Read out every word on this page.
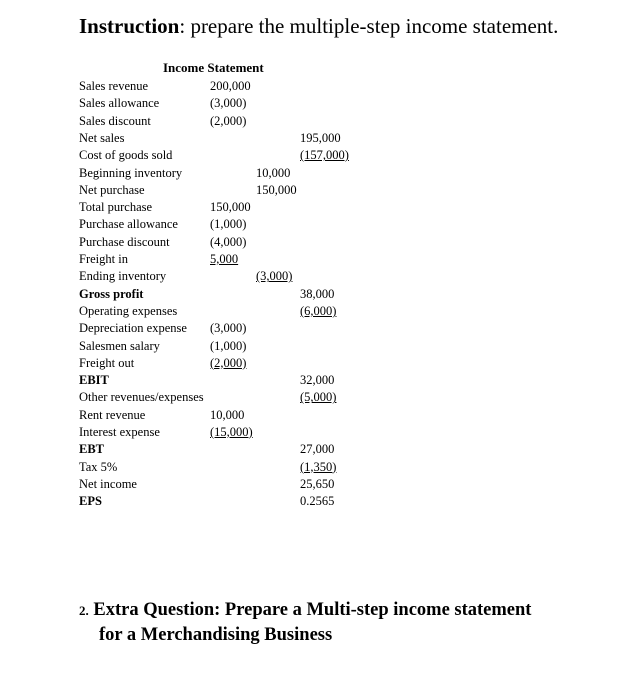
Instruction: prepare the multiple-step income statement.
Income Statement
Sales revenue	200,000
Sales allowance	(3,000)
Sales discount	(2,000)
Net sales	195,000
Cost of goods sold	(157,000)
Beginning inventory	10,000
Net purchase	150,000
Total purchase	150,000
Purchase allowance	(1,000)
Purchase discount	(4,000)
Freight in	5,000
Ending inventory	(3,000)
Gross profit	38,000
Operating expenses	(6,000)
Depreciation expense (3,000)
Salesmen salary	(1,000)
Freight out	(2,000)
EBIT	32,000
Other revenues/expenses	(5,000)
Rent revenue	10,000
Interest expense	(15,000)
EBT	27,000
Tax 5%	(1,350)
Net income	25,650
EPS	0.2565
2. Extra Question: Prepare a Multi-step income statement
for a Merchandising Business
